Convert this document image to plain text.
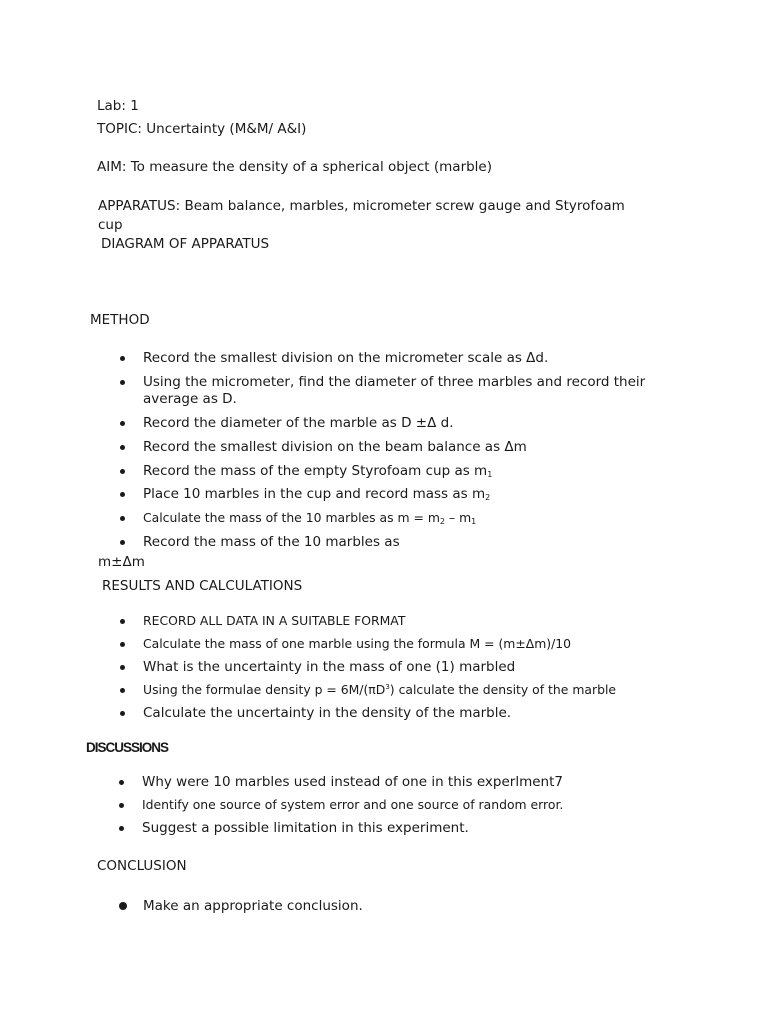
Lab: 1

TOPIC: Uncertainty (M&M/ A&I)

AIM: To measure the density of a spherical object (marble)

APPARATUS: Beam balance, marbles, micrometer screw gauge and Styrofoam

cup

DIAGRAM OF APPARATUS

METHOD

Record the smallest division on the micrometer scale as Δd.
Using the micrometer, find the diameter of three marbles and record their
average as D.
Record the diameter of the marble as D ±Δ d.
Record the smallest division on the beam balance as Δm
Record the mass of the empty Styrofoam cup as $m_1$
Place 10 marbles in the cup and record mass as $m_2$
Calculate the mass of the 10 marbles as $m = m_2 - m_1$
Record the mass of the 10 marbles as

m±Δm

RESULTS AND CALCULATIONS

RECORD ALL DATA IN A SUITABLE FORMAT
Calculate the mass of one marble using the formula M = (m±Δm)/10
What is the uncertainty in the mass of one (1) marbled
Using the formulae density $p = 6M/(\pi D^3)$ calculate the density of the marble
Calculate the uncertainty in the density of the marble.

DISCUSSIONS

Why were 10 marbles used instead of one in this experlment7
Identify one source of system error and one source of random error.
Suggest a possible limitation in this experiment.

CONCLUSION

Make an appropriate conclusion.
